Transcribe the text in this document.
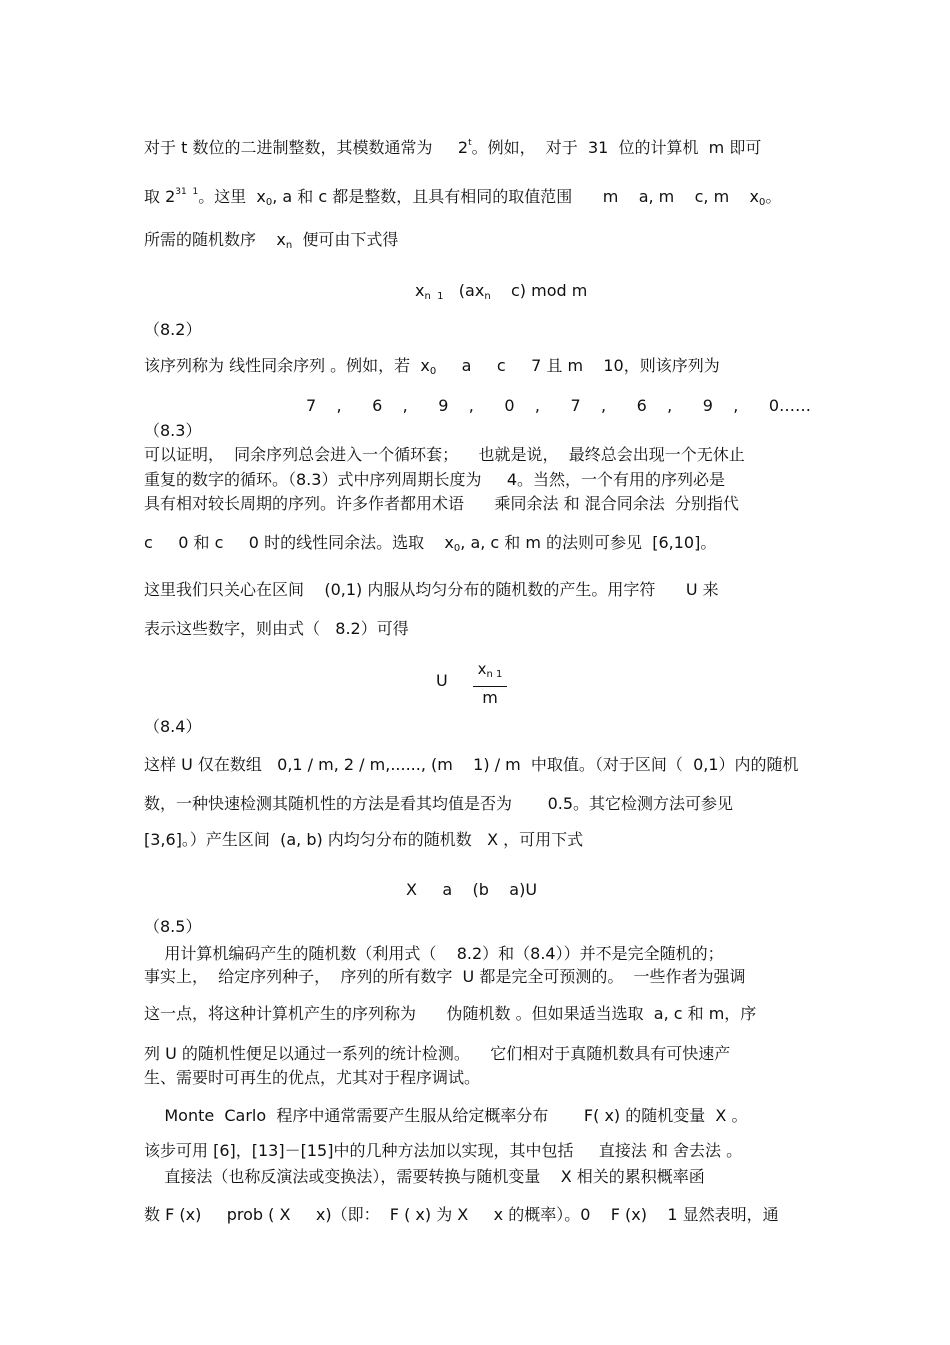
对于 t 数位的二进制整数，其模数通常为     2$^t$。例如，  对于  31  位的计算机  m 即可
取 $2^{31 1}$。这里  $x_0$, a 和 c 都是整数，且具有相同的取值范围      m    a, m    c, m    $x_0$。
所需的随机数序    $x_n$  便可由下式得
$x_{n 1}$   ($ax_n$    c) mod m
（8.2）
该序列称为 线性同余序列 。例如，若  $x_0$     a     c     7 且 m    10，则该序列为
7    ,      6    ,      9    ,      0    ,      7    ,      6    ,      9    ,      0……
（8.3）
可以证明，  同余序列总会进入一个循环套；    也就是说，  最终总会出现一个无休止
重复的数字的循环。（8.3）式中序列周期长度为     4。当然，一个有用的序列必是
具有相对较长周期的序列。许多作者都用术语      乘同余法 和 混合同余法  分别指代
c     0 和 c     0 时的线性同余法。选取    $x_0$, a, c 和 m 的法则可参见  [6,10]。
这里我们只关心在区间    (0,1) 内服从均匀分布的随机数的产生。用字符      U 来
表示这些数字，则由式（   8.2）可得
U $\frac{x_{n 1}}{m}$
（8.4）
这样 U 仅在数组   0,1 / m, 2 / m,......, (m    1) / m  中取值。（对于区间（  0,1）内的随机
数，一种快速检测其随机性的方法是看其均值是否为       0.5。其它检测方法可参见
[3,6]。）产生区间  (a, b) 内均匀分布的随机数   X ，可用下式
X     a    (b    a)U
（8.5）
用计算机编码产生的随机数（利用式（    8.2）和（8.4））并不是完全随机的；
事实上，  给定序列种子，  序列的所有数字  U 都是完全可预测的。  一些作者为强调
这一点，将这种计算机产生的序列称为      伪随机数 。但如果适当选取  a, c 和 m，序
列 U 的随机性便足以通过一系列的统计检测。    它们相对于真随机数具有可快速产
生、需要时可再生的优点，尤其对于程序调试。
Monte  Carlo  程序中通常需要产生服从给定概率分布       F( x) 的随机变量  X 。
该步可用 [6]，[13]－[15]中的几种方法加以实现，其中包括     直接法 和 舍去法 。
直接法（也称反演法或变换法），需要转换与随机变量    X 相关的累积概率函
数 F (x)     prob ( X     x)（即：  F ( x) 为 X     x 的概率）。0    F (x)    1 显然表明，通
